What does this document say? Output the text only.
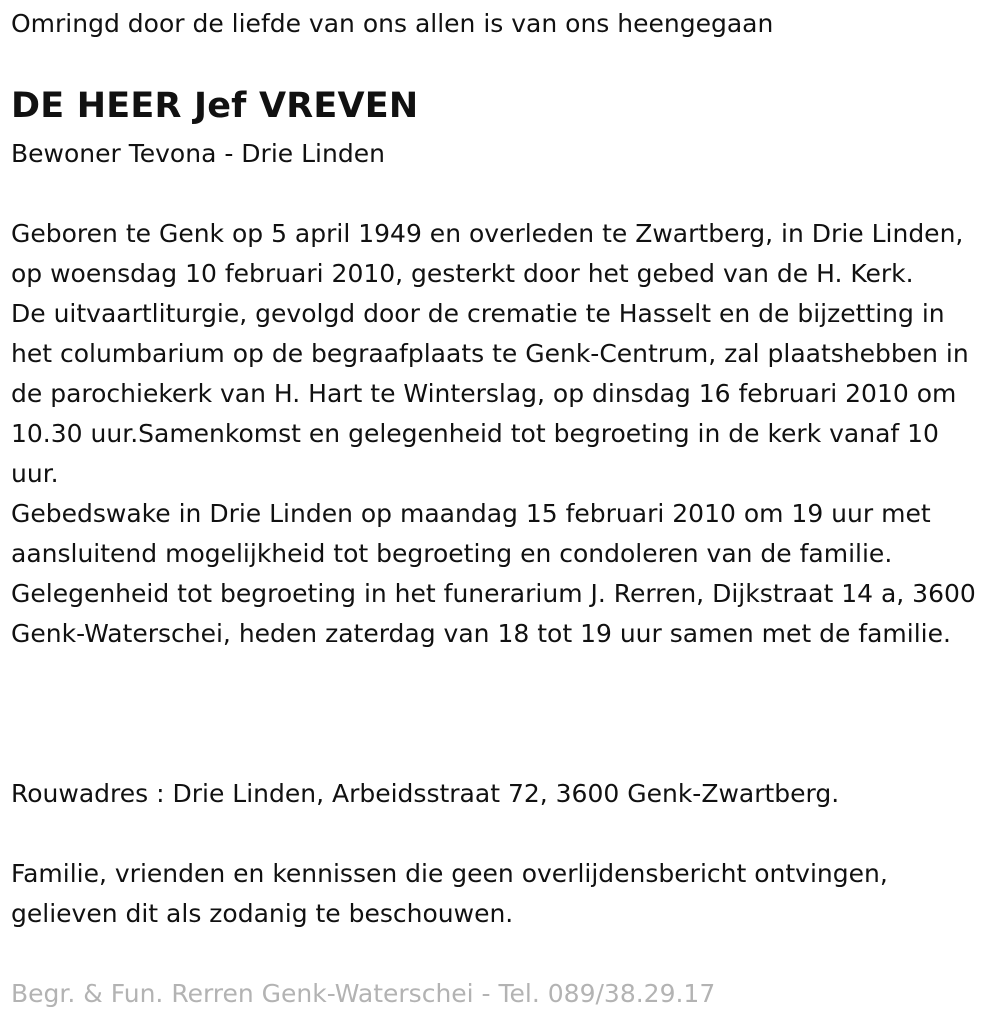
Omringd door de liefde van ons allen is van ons heengegaan
DE HEER Jef VREVEN
Bewoner Tevona - Drie Linden

Geboren te Genk op 5 april 1949 en overleden te Zwartberg, in Drie Linden, op woensdag 10 februari 2010, gesterkt door het gebed van de H. Kerk.

De uitvaartliturgie, gevolgd door de crematie te Hasselt en de bijzetting in het columbarium op de begraafplaats te Genk-Centrum, zal plaatshebben in de parochiekerk van H. Hart te Winterslag, op dinsdag 16 februari 2010 om 10.30 uur.Samenkomst en gelegenheid tot begroeting in de kerk vanaf 10 uur.

Gebedswake in Drie Linden op maandag 15 februari 2010 om 19 uur met aansluitend mogelijkheid tot begroeting en condoleren van de familie.

Gelegenheid tot begroeting in het funerarium J. Rerren, Dijkstraat 14 a, 3600 Genk-Waterschei, heden zaterdag van 18 tot 19 uur samen met de familie.

Rouwadres : Drie Linden, Arbeidsstraat 72, 3600 Genk-Zwartberg.
Familie, vrienden en kennissen die geen overlijdensbericht ontvingen, gelieven dit als zodanig te beschouwen.
Begr. & Fun. Rerren Genk-Waterschei - Tel. 089/38.29.17
